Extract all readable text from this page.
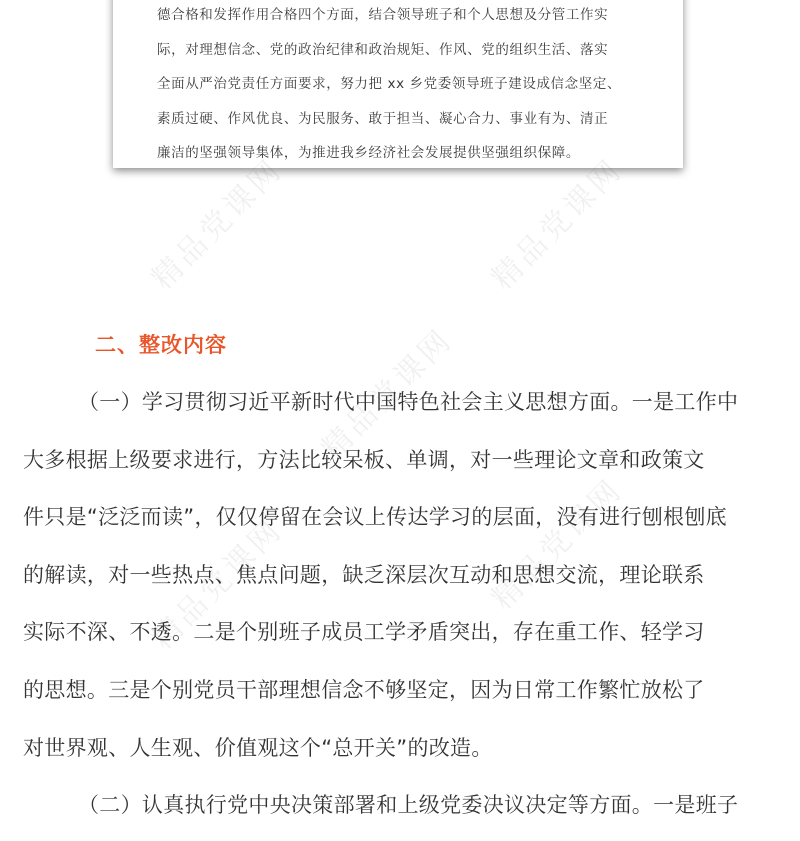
德合格和发挥作用合格四个方面，结合领导班子和个人思想及分管工作实
际，对理想信念、党的政治纪律和政治规矩、作风、党的组织生活、落实
全面从严治党责任方面要求，努力把 xx 乡党委领导班子建设成信念坚定、
素质过硬、作风优良、为民服务、敢于担当、凝心合力、事业有为、清正
廉洁的坚强领导集体，为推进我乡经济社会发展提供坚强组织保障。
二、整改内容
（一）学习贯彻习近平新时代中国特色社会主义思想方面。一是工作中
大多根据上级要求进行，方法比较呆板、单调，对一些理论文章和政策文
件只是“泛泛而读”，仅仅停留在会议上传达学习的层面，没有进行刨根刨底
的解读，对一些热点、焦点问题，缺乏深层次互动和思想交流，理论联系
实际不深、不透。二是个别班子成员工学矛盾突出，存在重工作、轻学习
的思想。三是个别党员干部理想信念不够坚定，因为日常工作繁忙放松了
对世界观、人生观、价值观这个“总开关”的改造。
（二）认真执行党中央决策部署和上级党委决议决定等方面。一是班子
精品党课网	精品党课网
精品党课网
精品党课网
精品党课网
